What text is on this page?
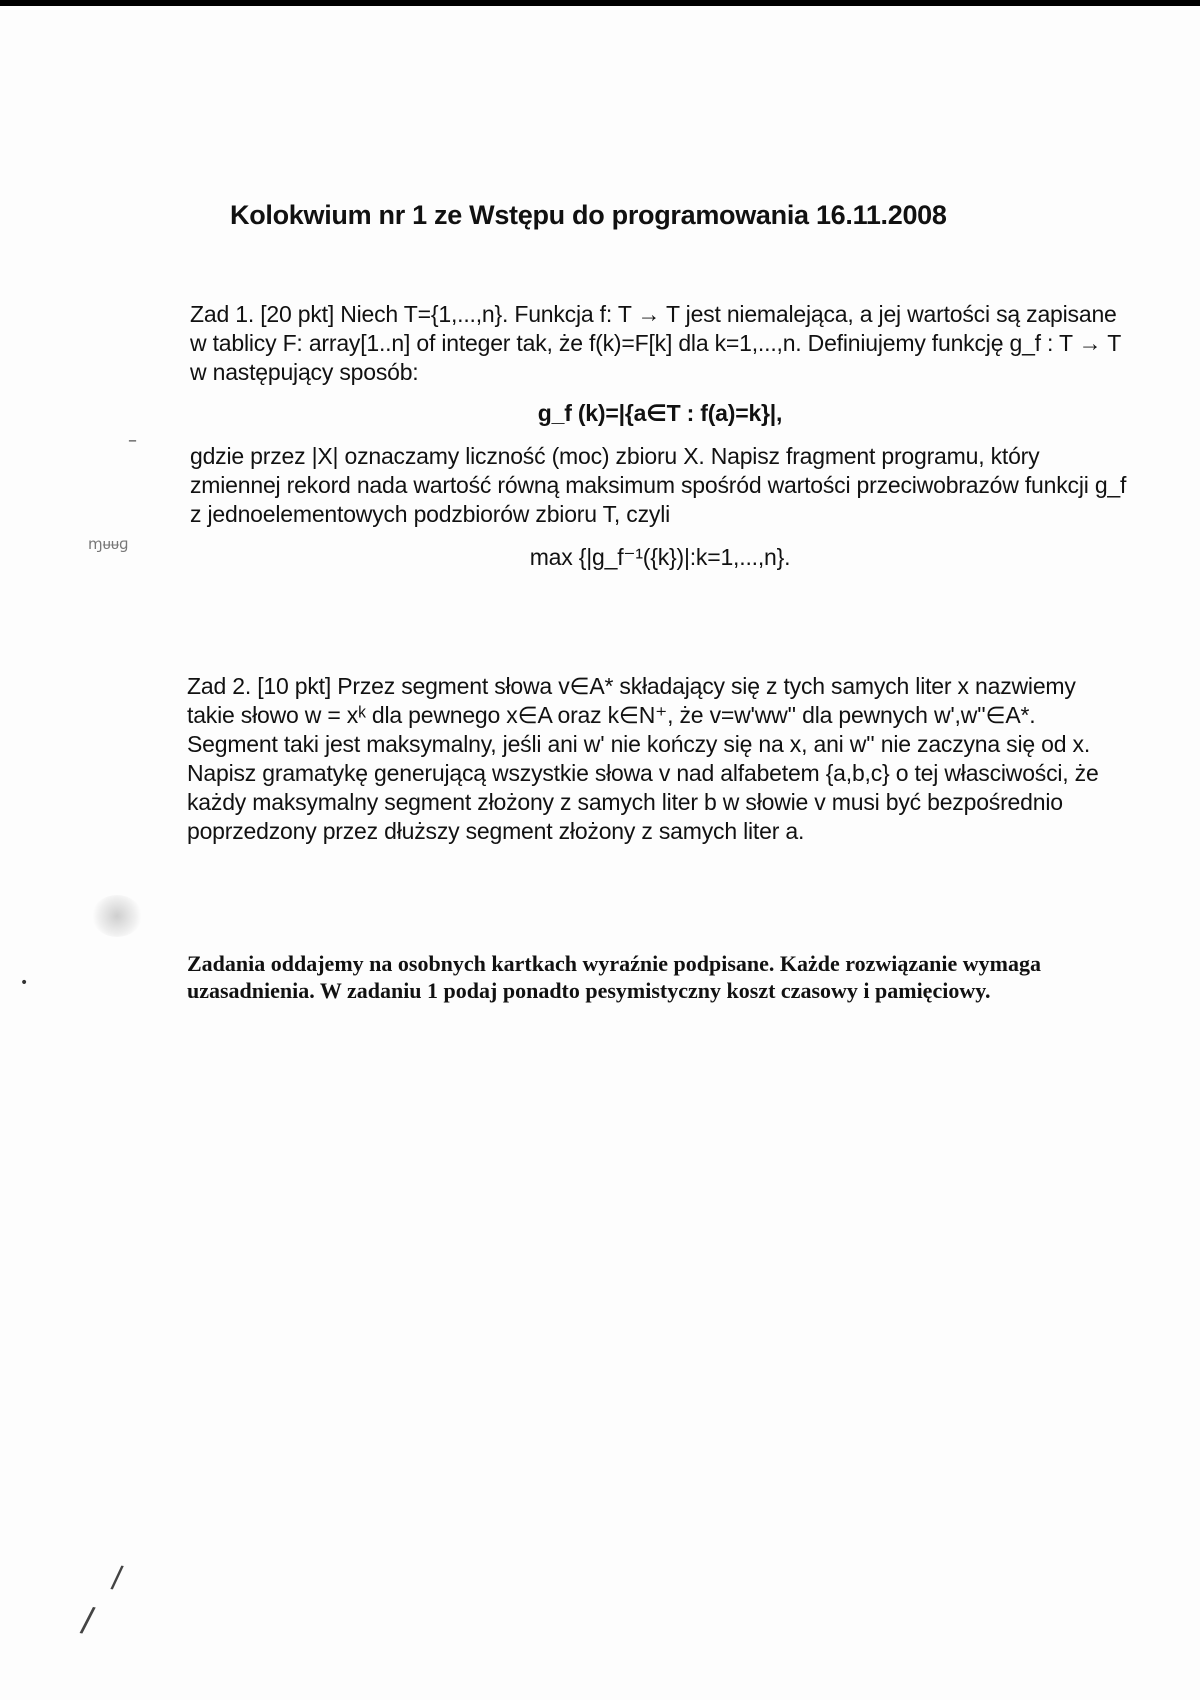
Kolokwium nr 1 ze Wstępu do programowania 16.11.2008

Zad 1. [20 pkt] Niech T={1,...,n}. Funkcja f: T → T jest niemalejąca, a jej wartości są zapisane w tablicy F: array[1..n] of integer tak, że f(k)=F[k] dla k=1,...,n. Definiujemy funkcję g_f : T → T w następujący sposób:

g_f (k)=|{a∈T : f(a)=k}|,

gdzie przez |X| oznaczamy liczność (moc) zbioru X. Napisz fragment programu, który zmiennej rekord nada wartość równą maksimum spośród wartości przeciwobrazów funkcji g_f z jednoelementowych podzbiorów zbioru T, czyli

max {|g_f⁻¹({k})|:k=1,...,n}.

Zad 2. [10 pkt] Przez segment słowa v∈A* składający się z tych samych liter x nazwiemy takie słowo w = xᵏ dla pewnego x∈A oraz k∈N⁺, że v=w'ww'' dla pewnych w',w''∈A*. Segment taki jest maksymalny, jeśli ani w' nie kończy się na x, ani w'' nie zaczyna się od x. Napisz gramatykę generującą wszystkie słowa v nad alfabetem {a,b,c} o tej własciwości, że każdy maksymalny segment złożony z samych liter b w słowie v musi być bezpośrednio poprzedzony przez dłuższy segment złożony z samych liter a.

Zadania oddajemy na osobnych kartkach wyraźnie podpisane. Każde rozwiązanie wymaga uzasadnienia. W zadaniu 1 podaj ponadto pesymistyczny koszt czasowy i pamięciowy.
–
ɱᵾᵾɡ
•
/
/
